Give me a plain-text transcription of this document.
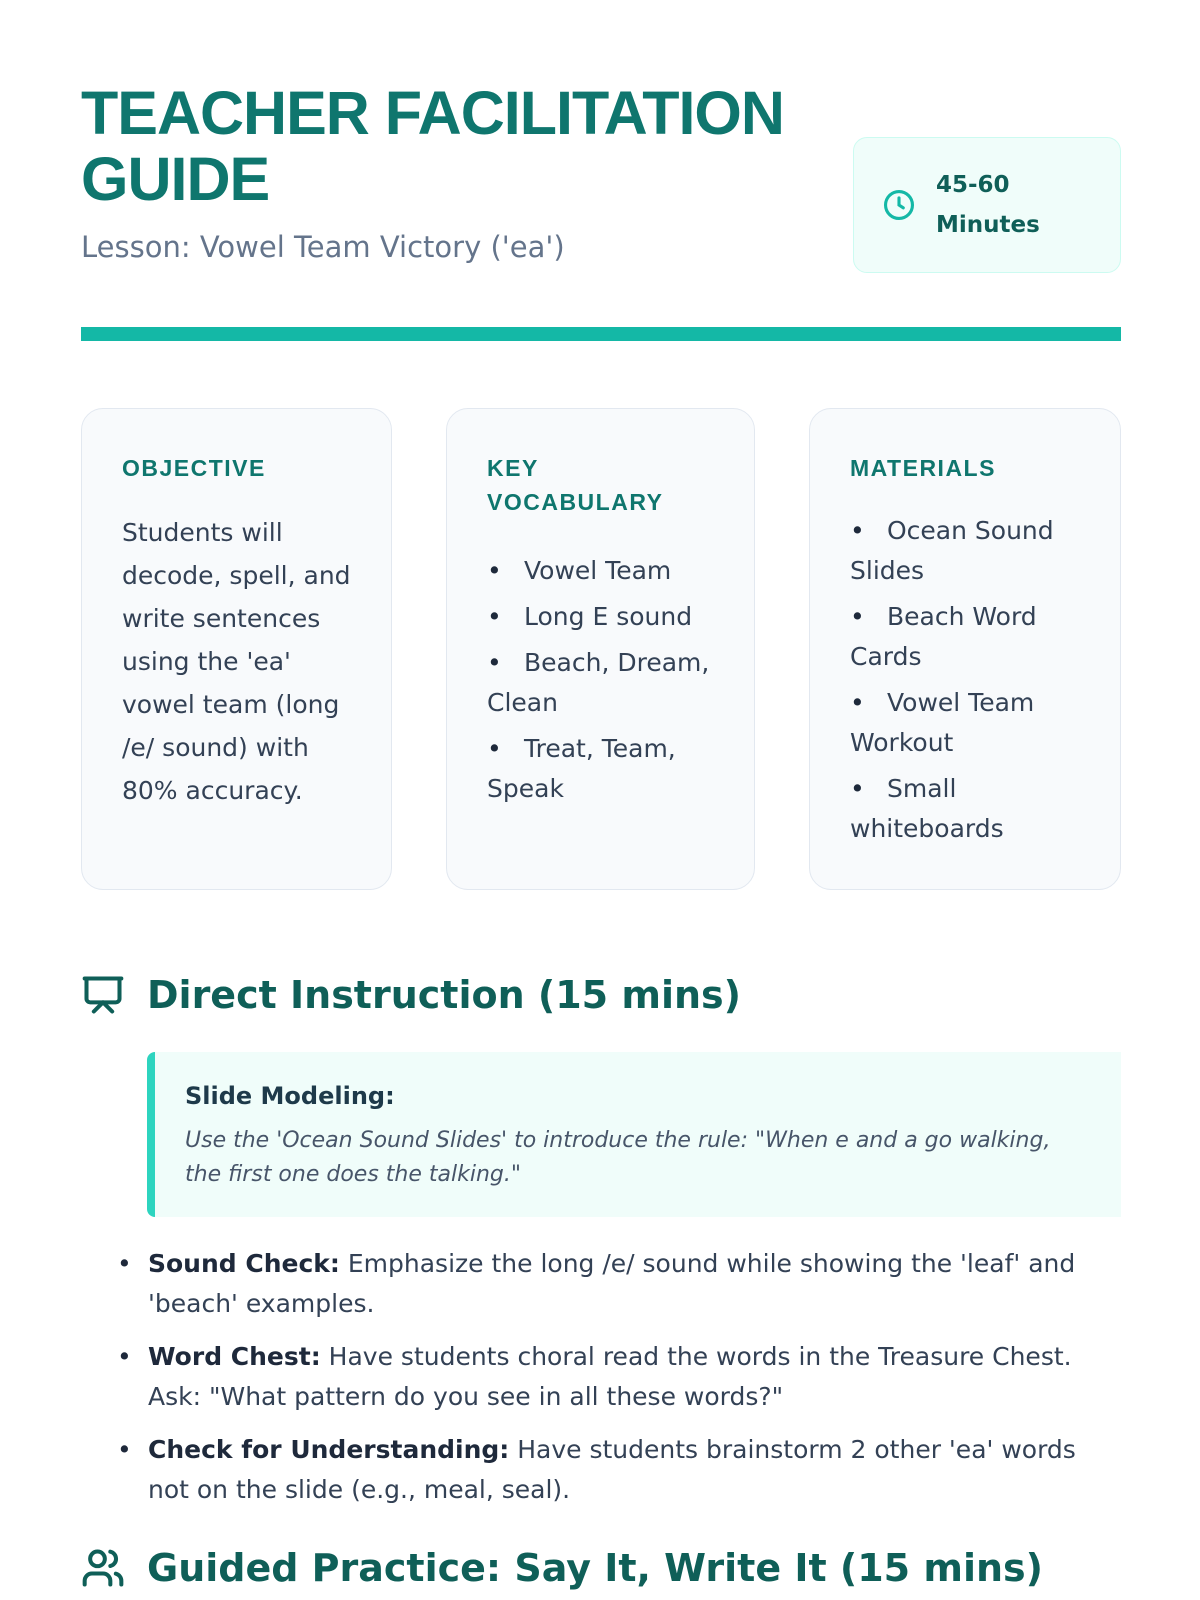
TEACHER FACILITATION GUIDE
Lesson: Vowel Team Victory ('ea')
45-60 Minutes
OBJECTIVE

Students will decode, spell, and write sentences using the 'ea' vowel team (long /e/ sound) with 80% accuracy.

KEY VOCABULARY
• Vowel Team
• Long E sound
• Beach, Dream, Clean
• Treat, Team, Speak
MATERIALS
• Ocean Sound Slides
• Beach Word Cards
• Vowel Team Workout
• Small whiteboards
Direct Instruction (15 mins)
Slide Modeling:
Use the 'Ocean Sound Slides' to introduce the rule: "When e and a go walking, the first one does the talking."
• Sound Check: Emphasize the long /e/ sound while showing the 'leaf' and 'beach' examples.
• Word Chest: Have students choral read the words in the Treasure Chest. Ask: "What pattern do you see in all these words?"
• Check for Understanding: Have students brainstorm 2 other 'ea' words not on the slide (e.g., meal, seal).
Guided Practice: Say It, Write It (15 mins)
